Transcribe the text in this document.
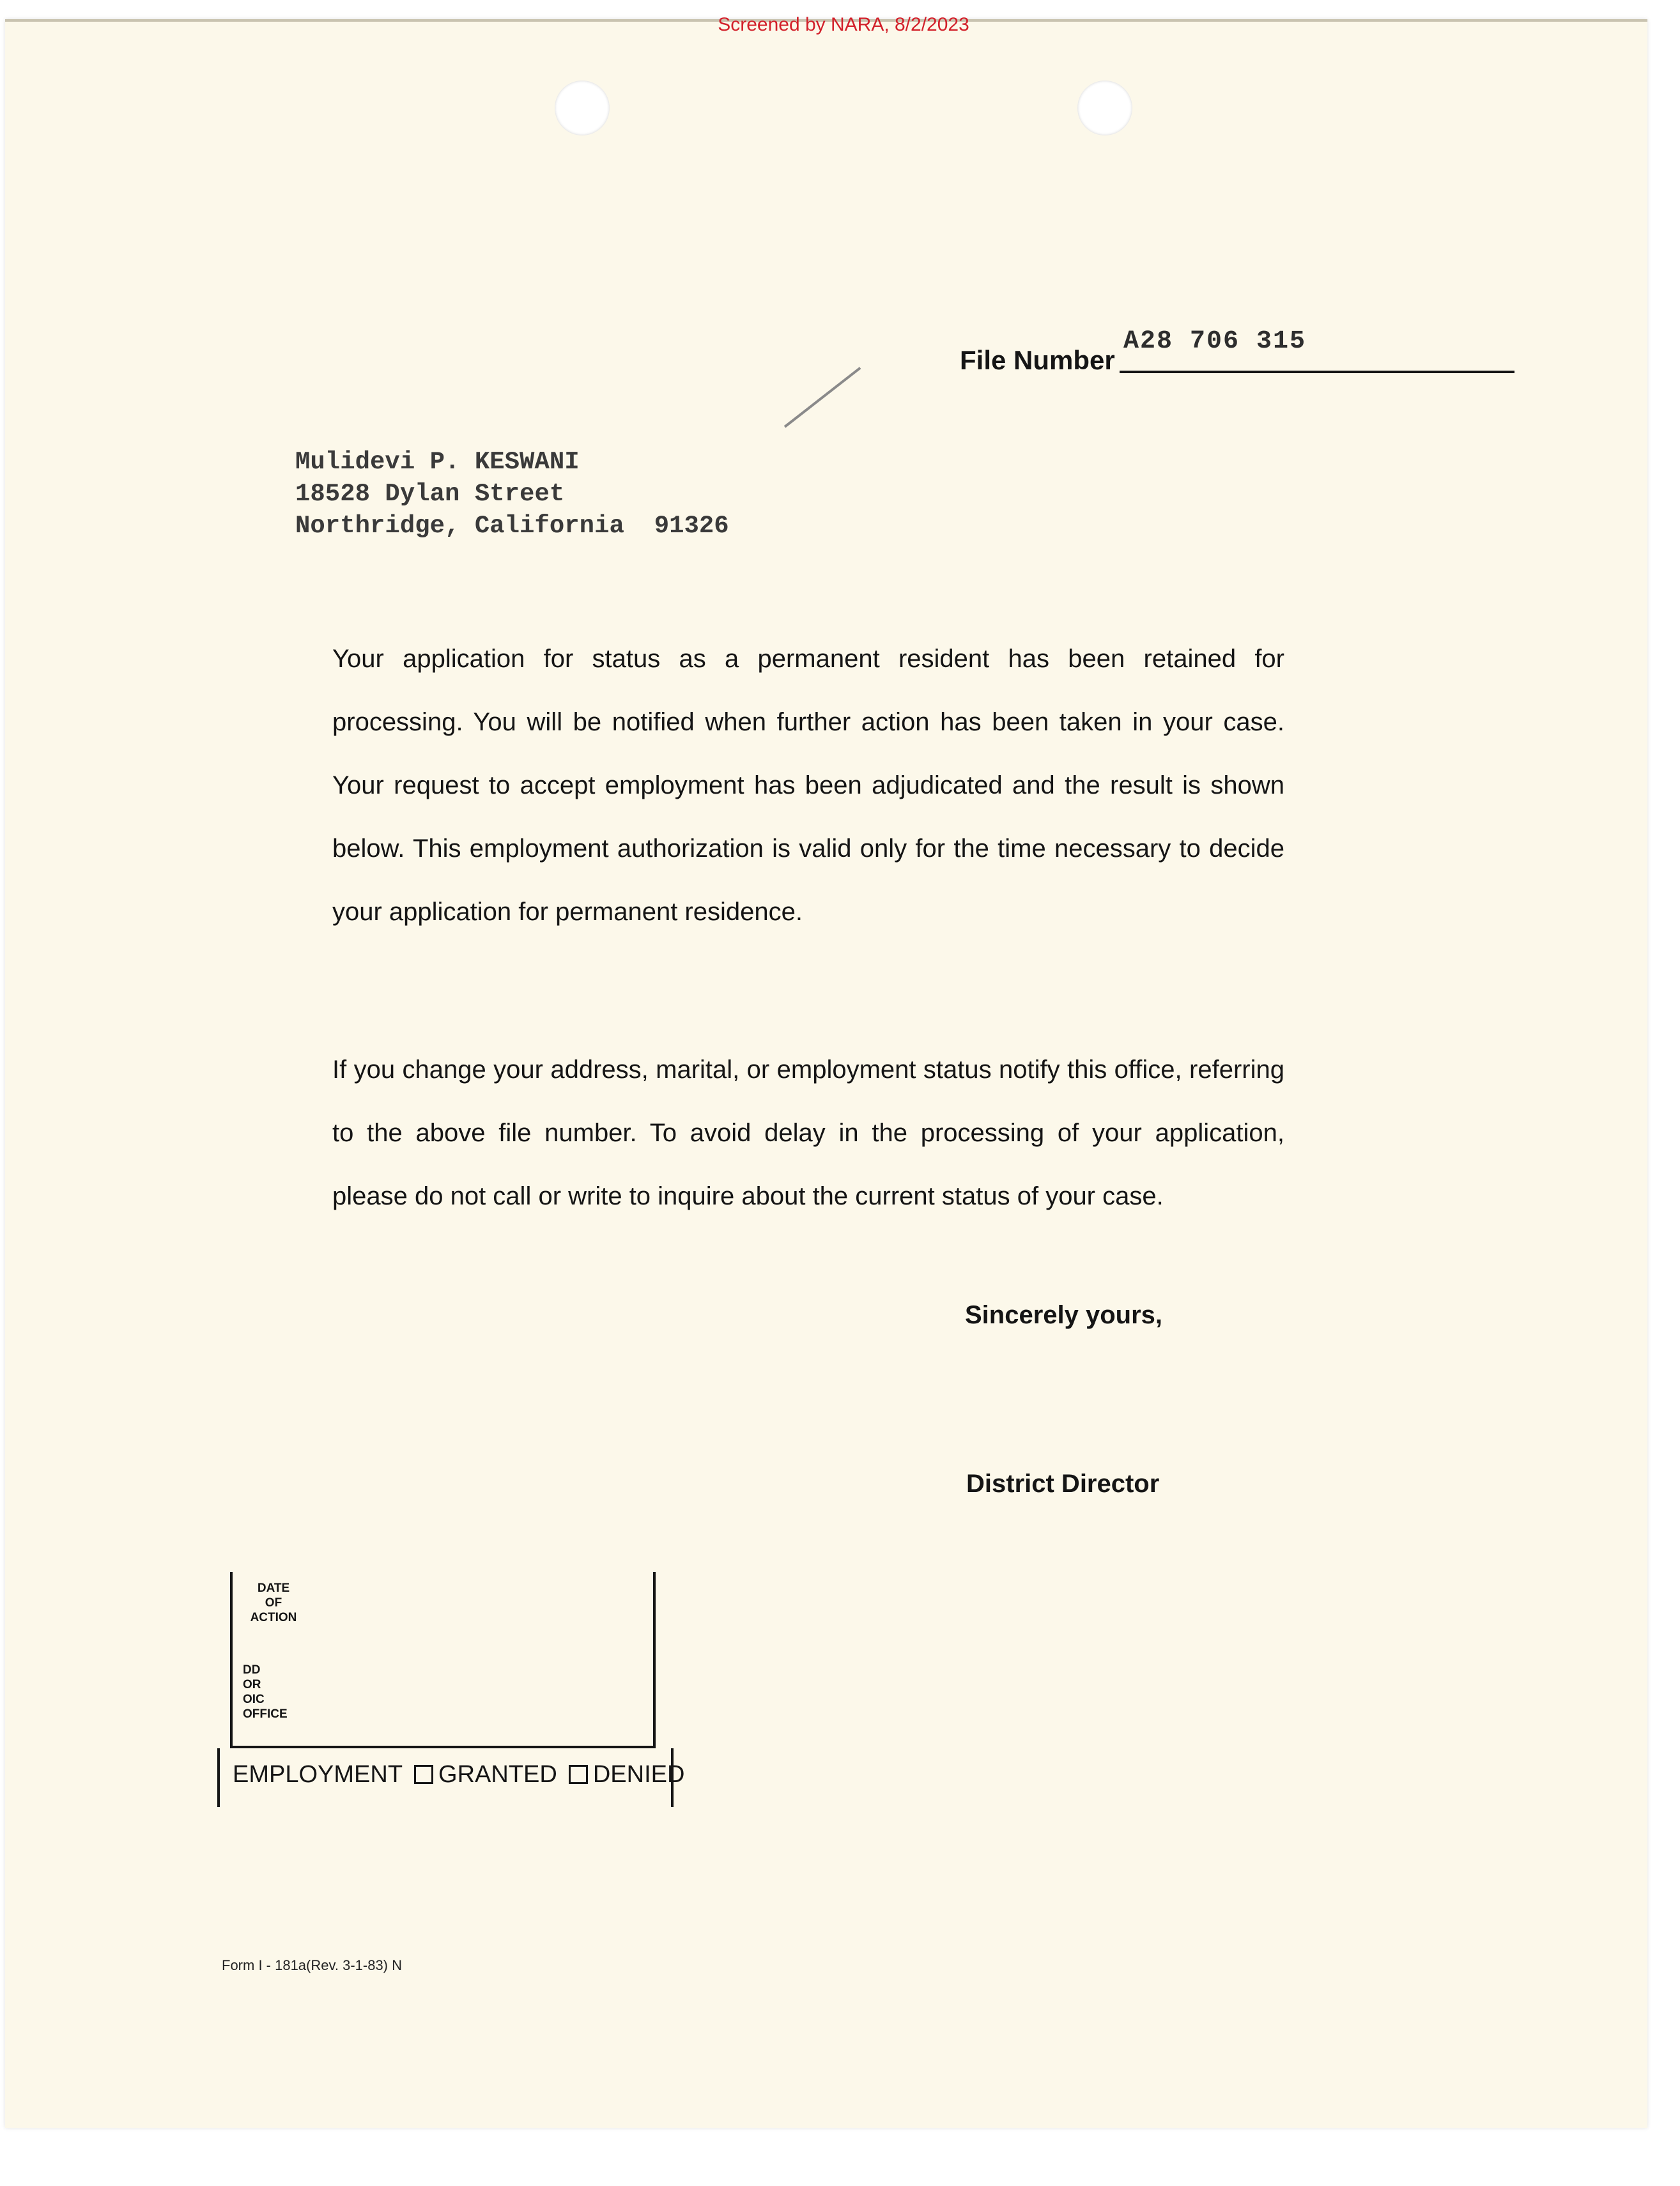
Screened by NARA, 8/2/2023
File Number
A28 706 315
Mulidevi P. KESWANI
18528 Dylan Street
Northridge, California  91326

Your application for status as a permanent resident has been retained for processing. You will be notified when further action has been taken in your case. Your request to accept employment has been adjudicated and the result is shown below. This employment authorization is valid only for the time necessary to decide your application for permanent residence.

If you change your address, marital, or employment status notify this office, referring to the above file number. To avoid delay in the processing of your application, please do not call or write to inquire about the current status of your case.

Sincerely yours,
District Director
DATE
OF
ACTION
DD
OR
OIC
OFFICE
EMPLOYMENT GRANTED DENIED
Form I - 181a(Rev. 3-1-83) N
